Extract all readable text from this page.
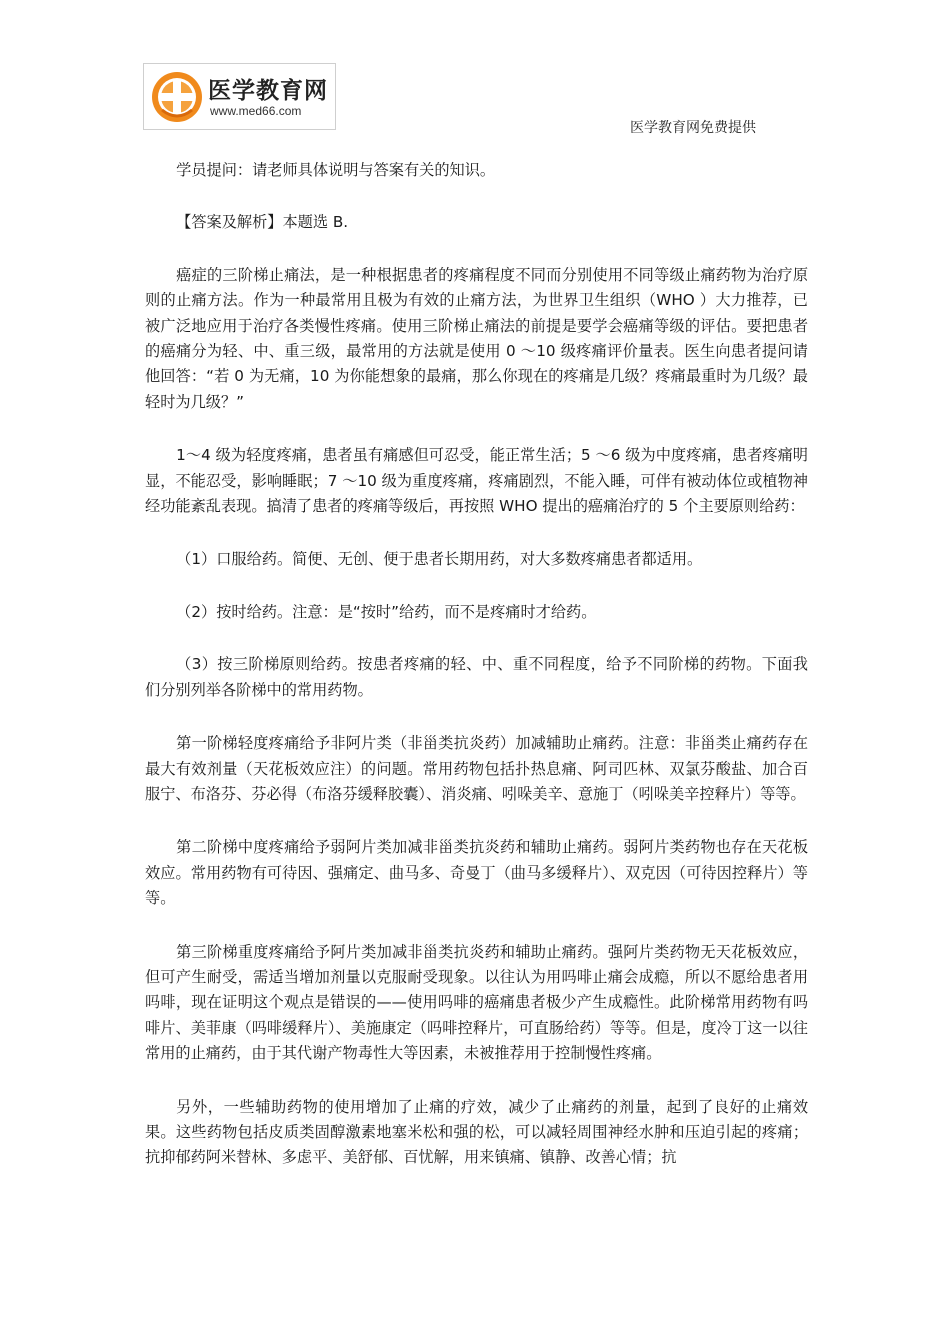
医学教育网
www.med66.com
医学教育网免费提供

学员提问：请老师具体说明与答案有关的知识。

【答案及解析】本题选 B.

癌症的三阶梯止痛法，是一种根据患者的疼痛程度不同而分别使用不同等级止痛药物为治疗原则的止痛方法。作为一种最常用且极为有效的止痛方法，为世界卫生组织（WHO ）大力推荐，已被广泛地应用于治疗各类慢性疼痛。使用三阶梯止痛法的前提是要学会癌痛等级的评估。要把患者的癌痛分为轻、中、重三级，最常用的方法就是使用 0 ～10 级疼痛评价量表。医生向患者提问请他回答：“若 0 为无痛，10 为你能想象的最痛，那么你现在的疼痛是几级？疼痛最重时为几级？最轻时为几级？”

1～4 级为轻度疼痛，患者虽有痛感但可忍受，能正常生活；5 ～6 级为中度疼痛，患者疼痛明显，不能忍受，影响睡眠；7 ～10 级为重度疼痛，疼痛剧烈，不能入睡，可伴有被动体位或植物神经功能紊乱表现。搞清了患者的疼痛等级后，再按照 WHO 提出的癌痛治疗的 5 个主要原则给药：

（1）口服给药。简便、无创、便于患者长期用药，对大多数疼痛患者都适用。

（2）按时给药。注意：是“按时”给药，而不是疼痛时才给药。

（3）按三阶梯原则给药。按患者疼痛的轻、中、重不同程度，给予不同阶梯的药物。下面我们分别列举各阶梯中的常用药物。

第一阶梯轻度疼痛给予非阿片类（非甾类抗炎药）加减辅助止痛药。注意：非甾类止痛药存在最大有效剂量（天花板效应注）的问题。常用药物包括扑热息痛、阿司匹林、双氯芬酸盐、加合百服宁、布洛芬、芬必得（布洛芬缓释胶囊）、消炎痛、吲哚美辛、意施丁（吲哚美辛控释片）等等。

第二阶梯中度疼痛给予弱阿片类加减非甾类抗炎药和辅助止痛药。弱阿片类药物也存在天花板效应。常用药物有可待因、强痛定、曲马多、奇曼丁（曲马多缓释片）、双克因（可待因控释片）等等。

第三阶梯重度疼痛给予阿片类加减非甾类抗炎药和辅助止痛药。强阿片类药物无天花板效应，但可产生耐受，需适当增加剂量以克服耐受现象。以往认为用吗啡止痛会成瘾，所以不愿给患者用吗啡，现在证明这个观点是错误的——使用吗啡的癌痛患者极少产生成瘾性。此阶梯常用药物有吗啡片、美菲康（吗啡缓释片）、美施康定（吗啡控释片，可直肠给药）等等。但是，度冷丁这一以往常用的止痛药，由于其代谢产物毒性大等因素，未被推荐用于控制慢性疼痛。

另外，一些辅助药物的使用增加了止痛的疗效，减少了止痛药的剂量，起到了良好的止痛效果。这些药物包括皮质类固醇激素地塞米松和强的松，可以减轻周围神经水肿和压迫引起的疼痛；抗抑郁药阿米替林、多虑平、美舒郁、百忧解，用来镇痛、镇静、改善心情；抗
